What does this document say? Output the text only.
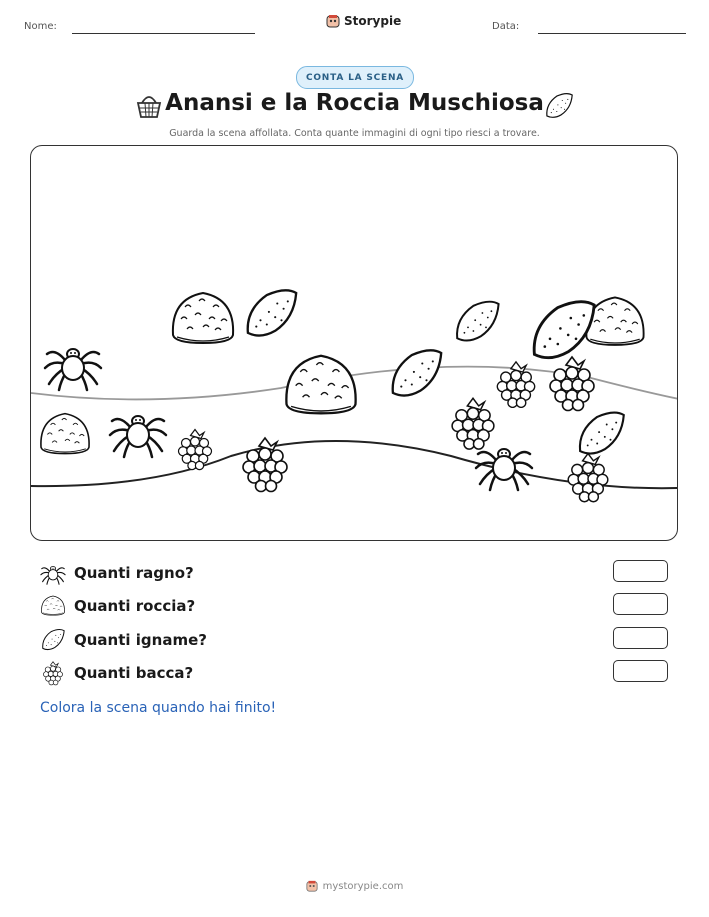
Nome:	Storypie	Data:
CONTA LA SCENA
Anansi e la Roccia Muschiosa
Guarda la scena affollata. Conta quante immagini di ogni tipo riesci a trovare.
Quanti ragno?
Quanti roccia?
Quanti igname?
Quanti bacca?
Colora la scena quando hai finito!
mystorypie.com
